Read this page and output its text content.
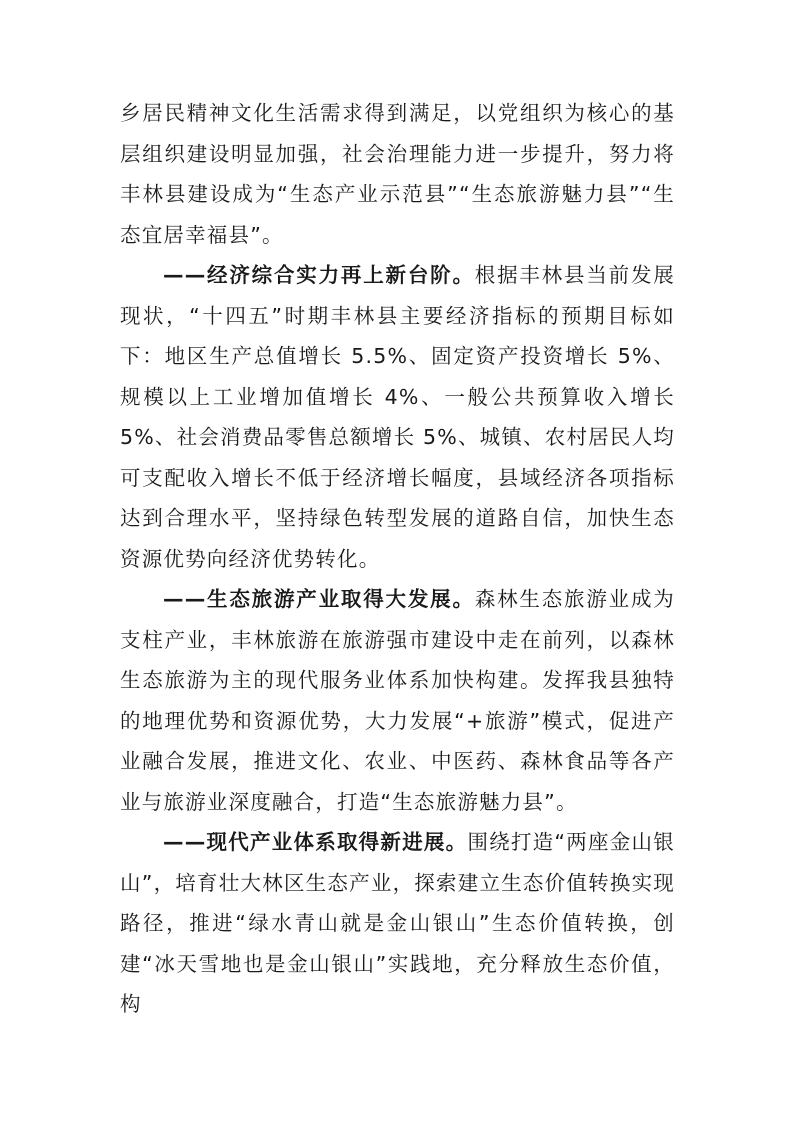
乡居民精神文化生活需求得到满足，以党组织为核心的基层组织建设明显加强，社会治理能力进一步提升，努力将丰林县建设成为“生态产业示范县”“生态旅游魅力县”“生态宜居幸福县”。

——经济综合实力再上新台阶。根据丰林县当前发展现状，“十四五”时期丰林县主要经济指标的预期目标如下：地区生产总值增长 5.5%、固定资产投资增长 5%、规模以上工业增加值增长 4%、一般公共预算收入增长 5%、社会消费品零售总额增长 5%、城镇、农村居民人均可支配收入增长不低于经济增长幅度，县域经济各项指标达到合理水平，坚持绿色转型发展的道路自信，加快生态资源优势向经济优势转化。

——生态旅游产业取得大发展。森林生态旅游业成为支柱产业，丰林旅游在旅游强市建设中走在前列，以森林生态旅游为主的现代服务业体系加快构建。发挥我县独特的地理优势和资源优势，大力发展“+旅游”模式，促进产业融合发展，推进文化、农业、中医药、森林食品等各产业与旅游业深度融合，打造“生态旅游魅力县”。

——现代产业体系取得新进展。围绕打造“两座金山银山”，培育壮大林区生态产业，探索建立生态价值转换实现路径，推进“绿水青山就是金山银山”生态价值转换，创建“冰天雪地也是金山银山”实践地，充分释放生态价值，构
